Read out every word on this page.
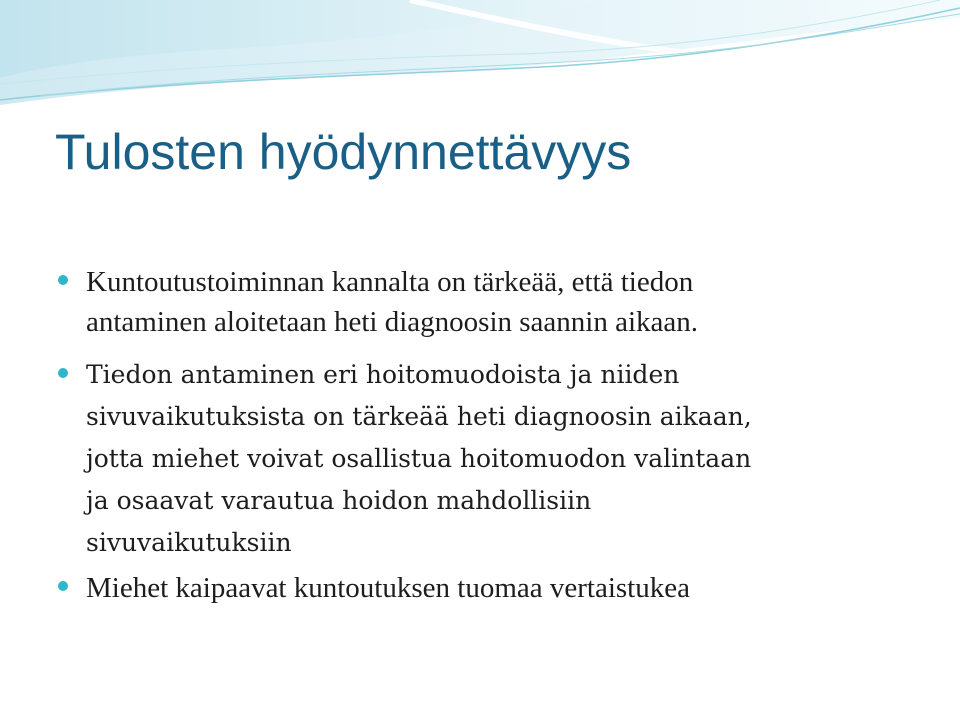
Tulosten hyödynnettävyys

Kuntoutustoiminnan kannalta on tärkeää, että tiedon
antaminen aloitetaan heti diagnoosin saannin aikaan.

Tiedon antaminen eri hoitomuodoista ja niiden
sivuvaikutuksista on tärkeää heti diagnoosin aikaan,
jotta miehet voivat osallistua hoitomuodon valintaan
ja osaavat varautua hoidon mahdollisiin
sivuvaikutuksiin

Miehet kaipaavat kuntoutuksen tuomaa vertaistukea
